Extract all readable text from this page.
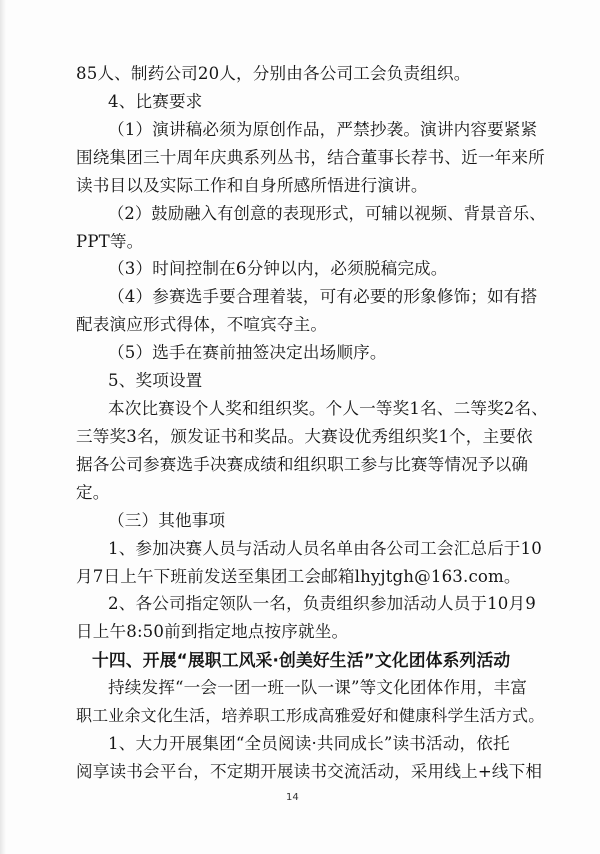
85人、制药公司20人，分别由各公司工会负责组织。
4、比赛要求
（1）演讲稿必须为原创作品，严禁抄袭。演讲内容要紧紧
围绕集团三十周年庆典系列丛书，结合董事长荐书、近一年来所
读书目以及实际工作和自身所感所悟进行演讲。
（2）鼓励融入有创意的表现形式，可辅以视频、背景音乐、
PPT等。
（3）时间控制在6分钟以内，必须脱稿完成。
（4）参赛选手要合理着装，可有必要的形象修饰；如有搭
配表演应形式得体，不喧宾夺主。
（5）选手在赛前抽签决定出场顺序。
5、奖项设置
本次比赛设个人奖和组织奖。个人一等奖1名、二等奖2名、
三等奖3名，颁发证书和奖品。大赛设优秀组织奖1个，主要依
据各公司参赛选手决赛成绩和组织职工参与比赛等情况予以确
定。
（三）其他事项
1、参加决赛人员与活动人员名单由各公司工会汇总后于10
月7日上午下班前发送至集团工会邮箱lhyjtgh@163.com。
2、各公司指定领队一名，负责组织参加活动人员于10月9
日上午8:50前到指定地点按序就坐。
十四、开展“展职工风采·创美好生活”文化团体系列活动
持续发挥“一会一团一班一队一课”等文化团体作用，丰富
职工业余文化生活，培养职工形成高雅爱好和健康科学生活方式。
1、大力开展集团“全员阅读·共同成长”读书活动，依托
阅享读书会平台，不定期开展读书交流活动，采用线上+线下相
14
